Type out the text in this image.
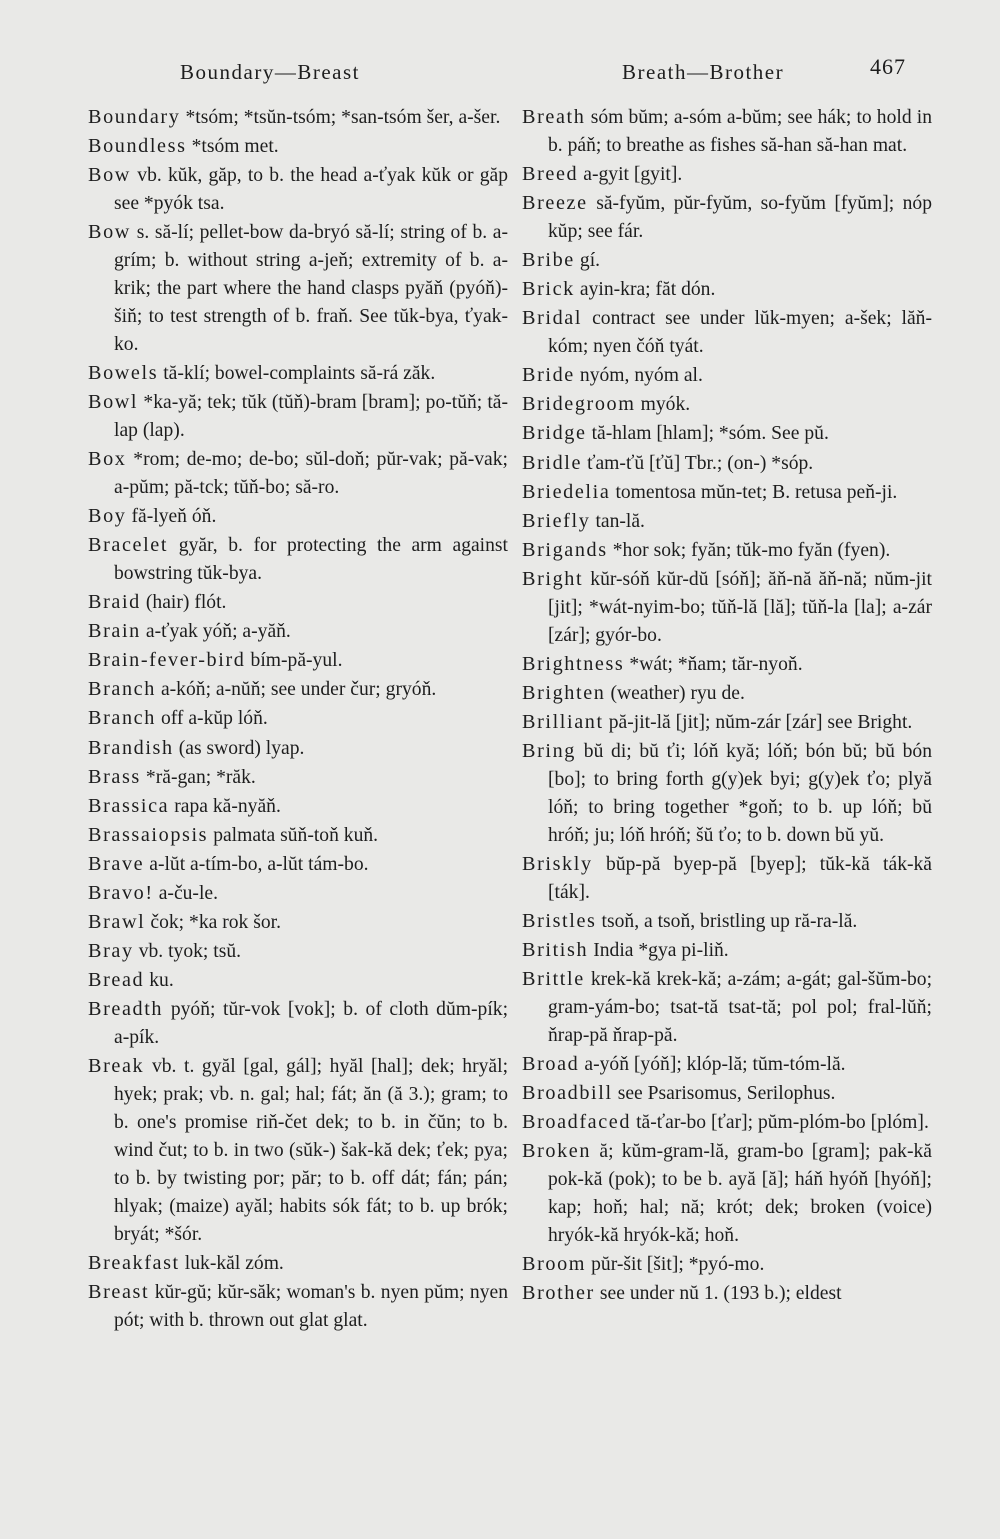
Boundary—Breast	Breath—Brother	467

Boundary *tsóm; *tsŭn-tsóm; *san-tsóm šer, a-šer.

Boundless *tsóm met.

Bow vb. kŭk, găp, to b. the head a-ťyak kŭk or găp see *pyók tsa.

Bow s. să-lí; pellet-bow da-bryó să-lí; string of b. a-grím; b. without string a-jeň; extremity of b. a-krik; the part where the hand clasps pyăň (pyóň)-šiň; to test strength of b. fraň. See tŭk-bya, ťyak-ko.

Bowels tă-klí; bowel-complaints să-rá zăk.

Bowl *ka-yă; tek; tŭk (tŭň)-bram [bram]; po-tŭň; tă-lap (lap).

Box *rom; de-mo; de-bo; sŭl-doň; pŭr-vak; pă-vak; a-pŭm; pă-tck; tŭň-bo; să-ro.

Boy fă-lyeň óň.

Bracelet gyăr, b. for protecting the arm against bowstring tŭk-bya.

Braid (hair) flót.

Brain a-ťyak yóň; a-yăň.

Brain-fever-bird bím-pă-yul.

Branch a-kóň; a-nŭň; see under čur; gryóň.

Branch off a-kŭp lóň.

Brandish (as sword) lyap.

Brass *ră-gan; *răk.

Brassica rapa kă-nyăň.

Brassaiopsis palmata sŭň-toň kuň.

Brave a-lŭt a-tím-bo, a-lŭt tám-bo.

Bravo! a-ču-le.

Brawl čok; *ka rok šor.

Bray vb. tyok; tsŭ.

Bread ku.

Breadth pyóň; tŭr-vok [vok]; b. of cloth dŭm-pík; a-pík.

Break vb. t. gyăl [gal, gál]; hyăl [hal]; dek; hryăl; hyek; prak; vb. n. gal; hal; fát; ăn (ă 3.); gram; to b. one's promise riň-čet dek; to b. in čŭn; to b. wind čut; to b. in two (sŭk-) šak-kă dek; ťek; pya; to b. by twisting por; păr; to b. off dát; fán; pán; hlyak; (maize) ayăl; habits sók fát; to b. up brók; bryát; *šór.

Breakfast luk-kăl zóm.

Breast kŭr-gŭ; kŭr-săk; woman's b. nyen pŭm; nyen pót; with b. thrown out glat glat.

Breath sóm bŭm; a-sóm a-bŭm; see hák; to hold in b. páň; to breathe as fishes să-han să-han mat.

Breed a-gyit [gyit].

Breeze să-fyŭm, pŭr-fyŭm, so-fyŭm [fyŭm]; nóp kŭp; see fár.

Bribe gí.

Brick ayin-kra; făt dón.

Bridal contract see under lŭk-myen; a-šek; lăň-kóm; nyen čóň tyát.

Bride nyóm, nyóm al.

Bridegroom myók.

Bridge tă-hlam [hlam]; *sóm. See pŭ.

Bridle ťam-ťŭ [ťŭ] Tbr.; (on-) *sóp.

Briedelia tomentosa mŭn-tet; B. retusa peň-ji.

Briefly tan-lă.

Brigands *hor sok; fyăn; tŭk-mo fyăn (fyen).

Bright kŭr-sóň kŭr-dŭ [sóň]; ăň-nă ăň-nă; nŭm-jit [jit]; *wát-nyim-bo; tŭň-lă [lă]; tŭň-la [la]; a-zár [zár]; gyór-bo.

Brightness *wát; *ňam; tăr-nyoň.

Brighten (weather) ryu de.

Brilliant pă-jit-lă [jit]; nŭm-zár [zár] see Bright.

Bring bŭ di; bŭ ťi; lóň kyă; lóň; bón bŭ; bŭ bón [bo]; to bring forth g(y)ek byi; g(y)ek ťo; plyă lóň; to bring together *goň; to b. up lóň; bŭ hróň; ju; lóň hróň; šŭ ťo; to b. down bŭ yŭ.

Briskly bŭp-pă byep-pă [byep]; tŭk-kă ták-kă [ták].

Bristles tsoň, a tsoň, bristling up ră-ra-lă.

British India *gya pi-liň.

Brittle krek-kă krek-kă; a-zám; a-gát; gal-šŭm-bo; gram-yám-bo; tsat-tă tsat-tă; pol pol; fral-lŭň; ňrap-pă ňrap-pă.

Broad a-yóň [yóň]; klóp-lă; tŭm-tóm-lă.

Broadbill see Psarisomus, Serilophus.

Broadfaced tă-ťar-bo [ťar]; pŭm-plóm-bo [plóm].

Broken ă; kŭm-gram-lă, gram-bo [gram]; pak-kă pok-kă (pok); to be b. ayă [ă]; háň hyóň [hyóň]; kap; hoň; hal; nă; krót; dek; broken (voice) hryók-kă hryók-kă; hoň.

Broom pŭr-šit [šit]; *pyó-mo.

Brother see under nŭ 1. (193 b.); eldest
